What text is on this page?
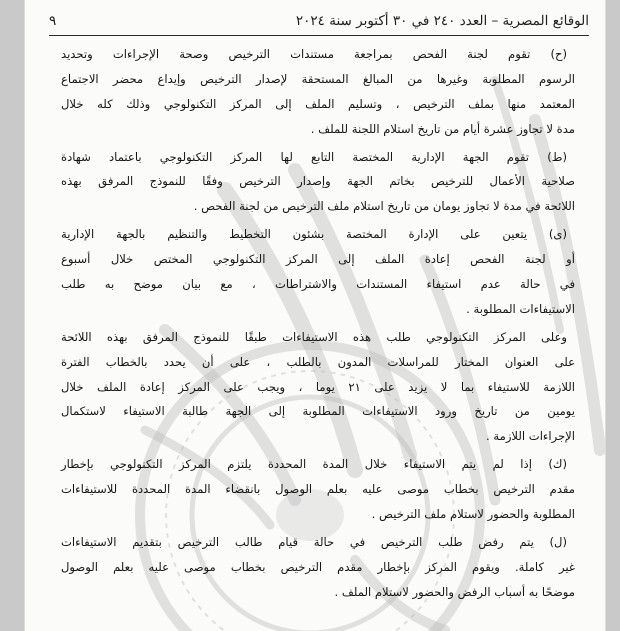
الوقائع المصرية – العدد ٢٤٠ في ٣٠ أكتوبر سنة ٢٠٢٤
٩
(ح) تقوم لجنة الفحص بمراجعة مستندات الترخيص وصحة الإجراءات وتحديد
الرسوم المطلوبة وغيرها من المبالغ المستحقة لإصدار الترخيص وإيداع محضر الاجتماع
المعتمد منها بملف الترخيص ، وتسليم الملف إلى المركز التكنولوجي وذلك كله خلال
مدة لا تجاوز عشرة أيام من تاريخ استلام اللجنة للملف .
(ط) تقوم الجهة الإدارية المختصة التابع لها المركز التكنولوجي باعتماد شهادة
صلاحية الأعمال للترخيص بخاتم الجهة وإصدار الترخيص وفقًا للنموذج المرفق بهذه
اللائحة في مدة لا تجاوز يومان من تاريخ استلام ملف الترخيص من لجنة الفحص .
(ى) يتعين على الإدارة المختصة بشئون التخطيط والتنظيم بالجهة الإدارية
أو لجنة الفحص إعادة الملف إلى المركز التكنولوجي المختص خلال أسبوع
في حالة عدم استيفاء المستندات والاشتراطات ، مع بيان موضح به طلب
الاستيفاءات المطلوبة .
وعلى المركز التكنولوجي طلب هذه الاستيفاءات طبقًا للنموذج المرفق بهذه اللائحة
على العنوان المختار للمراسلات المدون بالطلب ، على أن يحدد بالخطاب الفترة
اللازمة للاستيفاء بما لا يزيد على ٢١ يوما ، ويجب على المركز إعادة الملف خلال
يومين من تاريخ ورود الاستيفاءات المطلوبة إلى الجهة طالبة الاستيفاء لاستكمال
الإجراءات اللازمة .
(ك) إذا لم يتم الاستيفاء خلال المدة المحددة يلتزم المركز التكنولوجي بإخطار
مقدم الترخيص بخطاب موصى عليه بعلم الوصول بانقضاء المدة المحددة للاستيفاءات
المطلوبة والحضور لاستلام ملف الترخيص .
(ل) يتم رفض طلب الترخيص في حالة قيام طالب الترخيص بتقديم الاستيفاءات
غير كاملة. ويقوم المركز بإخطار مقدم الترخيص بخطاب موصى عليه بعلم الوصول
موضحًا به أسباب الرفض والحضور لاستلام الملف .
